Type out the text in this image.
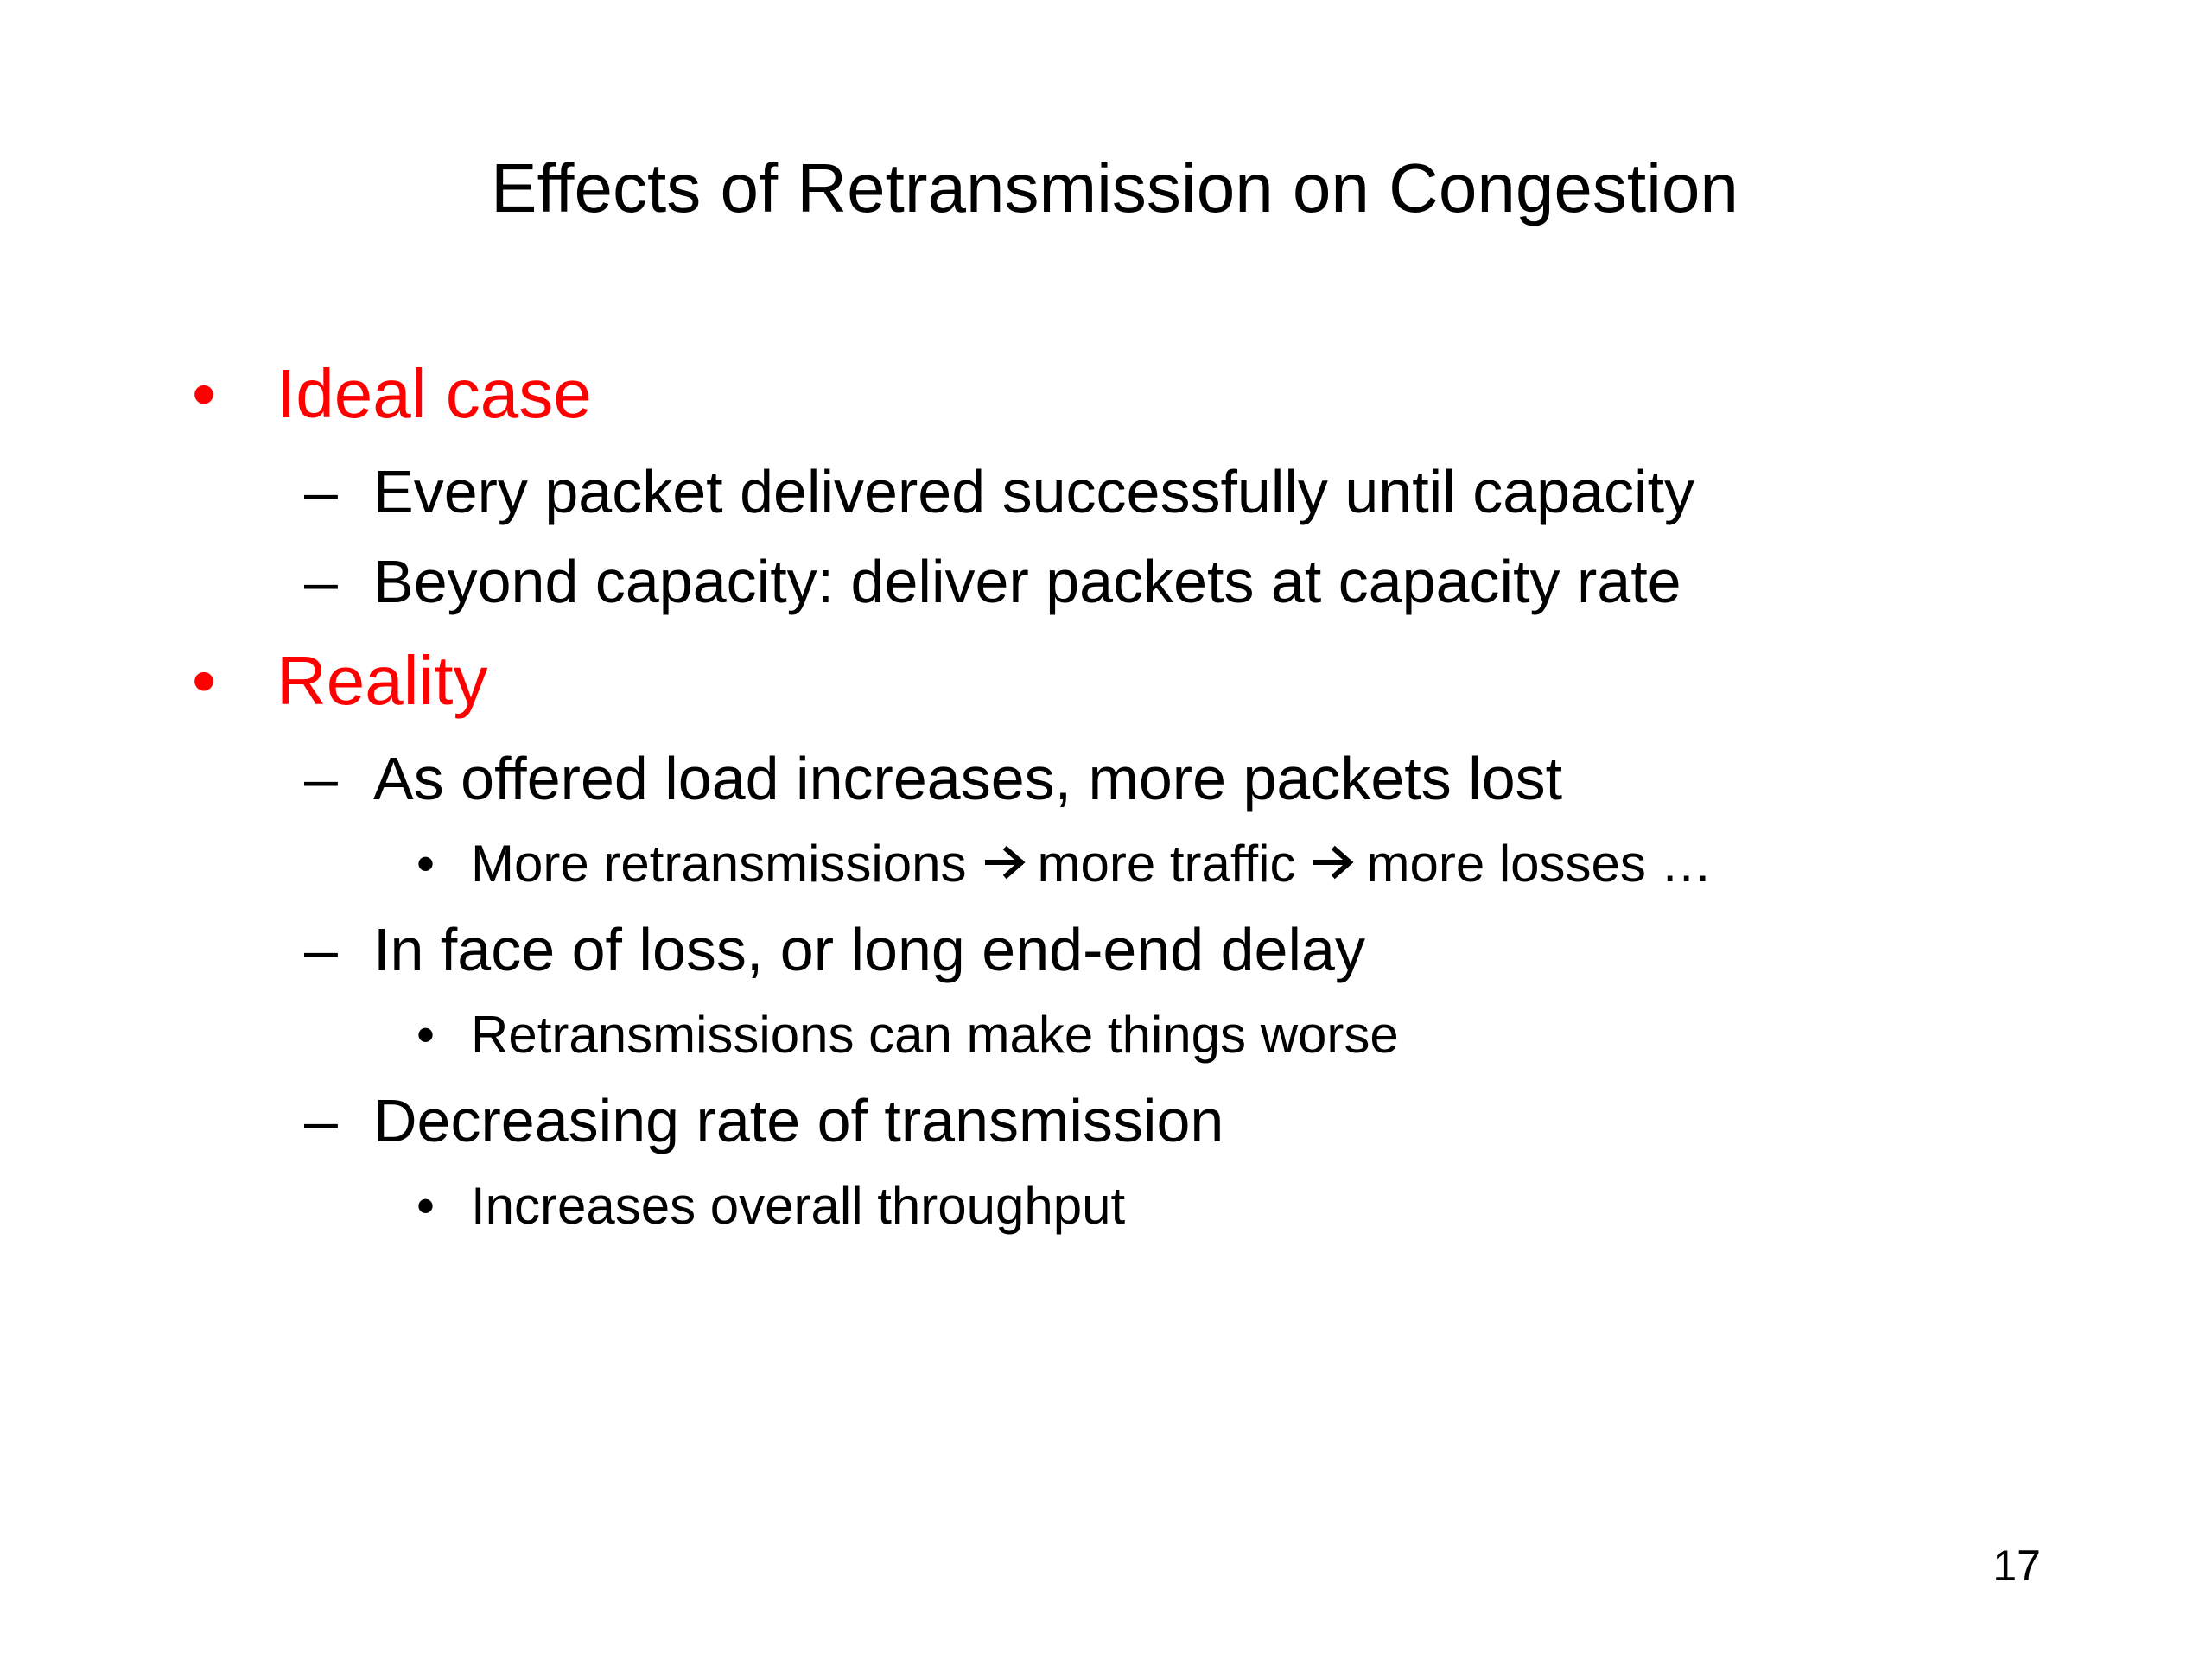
Effects of Retransmission on Congestion
• Ideal case
– Every packet delivered successfully until capacity
– Beyond capacity: deliver packets at capacity rate
• Reality
– As offered load increases, more packets lost
• More retransmissions more traffic more losses …
– In face of loss, or long end-end delay
• Retransmissions can make things worse
– Decreasing rate of transmission
• Increases overall throughput
17
